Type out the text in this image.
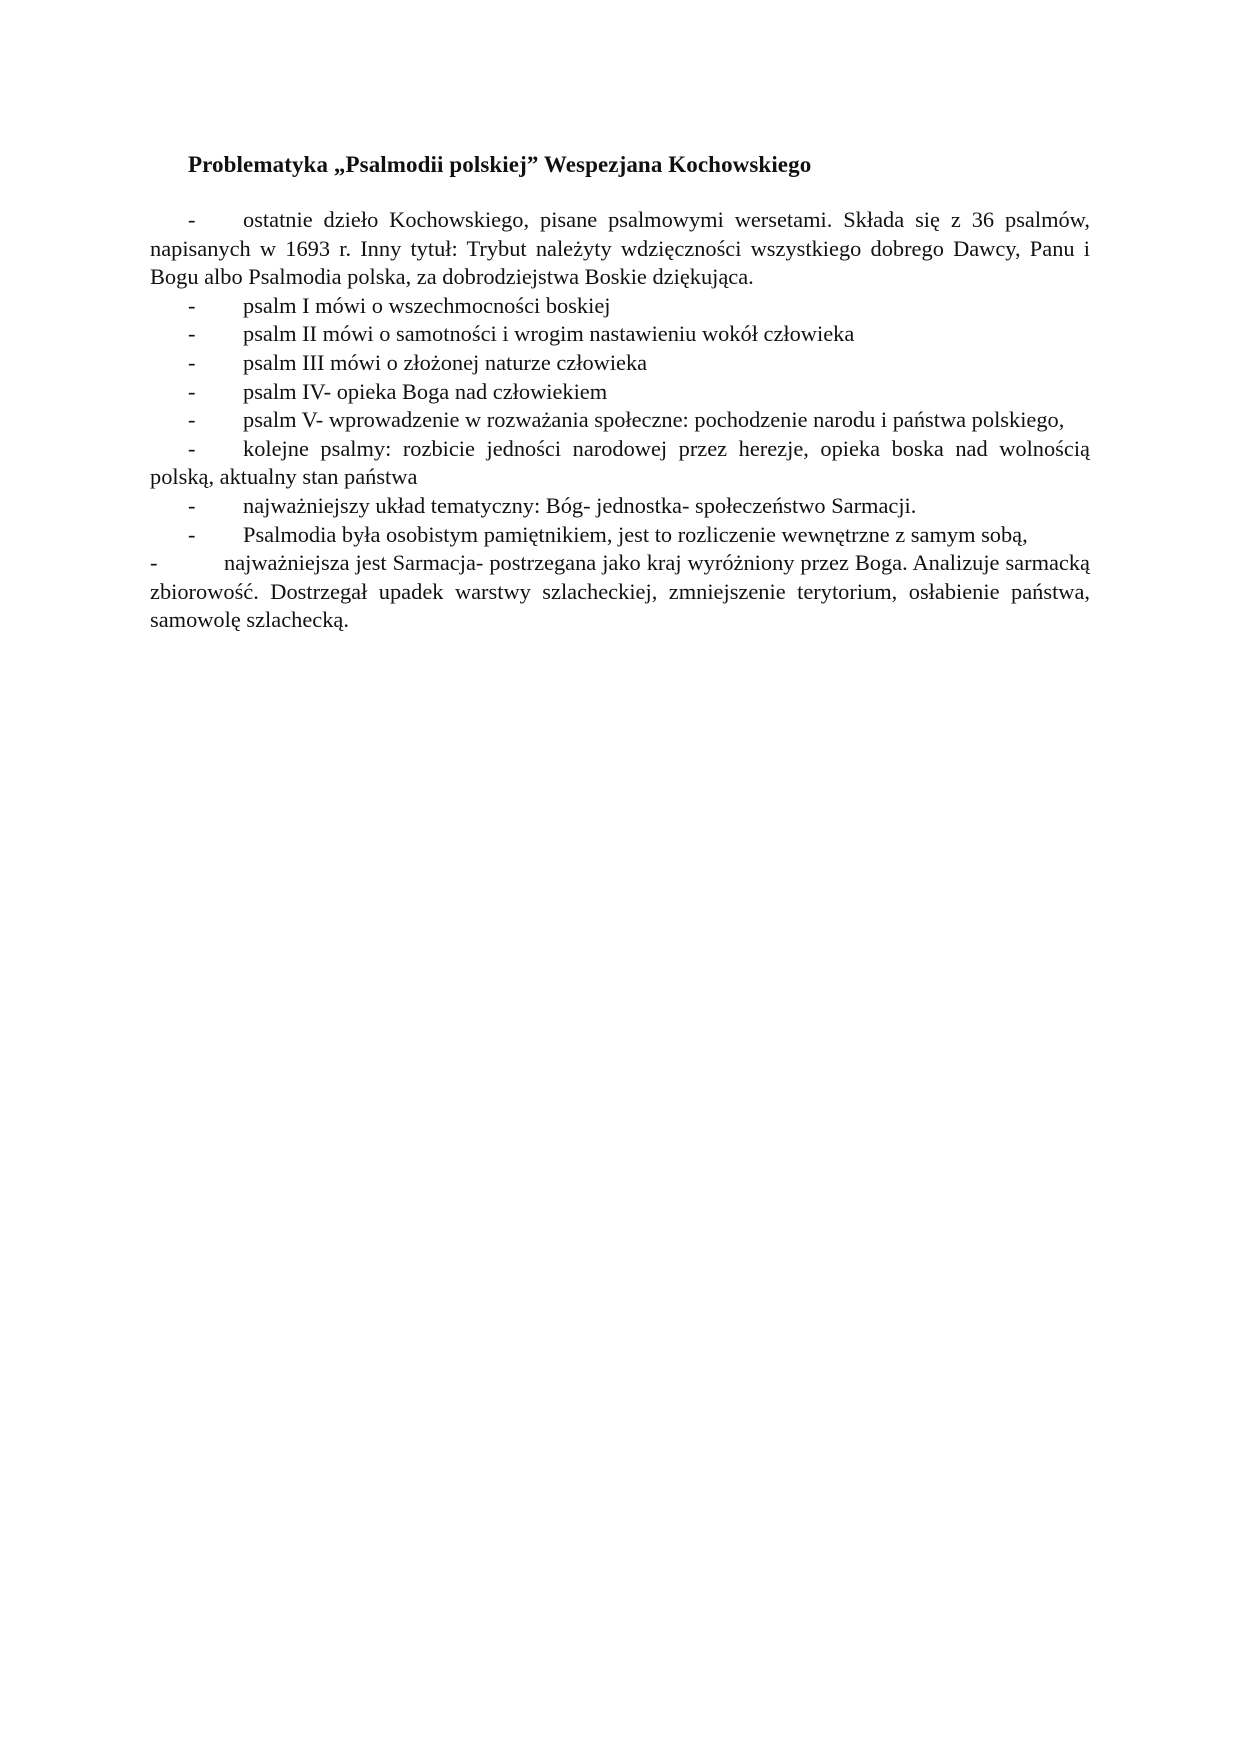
Problematyka „Psalmodii polskiej” Wespezjana Kochowskiego

- ostatnie dzieło Kochowskiego, pisane psalmowymi wersetami. Składa się z 36 psalmów, napisanych w 1693 r. Inny tytuł: Trybut należyty wdzięczności wszystkiego dobrego Dawcy, Panu i Bogu albo Psalmodia polska, za dobrodziejstwa Boskie dziękująca.

- psalm I mówi o wszechmocności boskiej

- psalm II mówi o samotności i wrogim nastawieniu wokół człowieka

- psalm III mówi o złożonej naturze człowieka

- psalm IV- opieka Boga nad człowiekiem

- psalm V- wprowadzenie w rozważania społeczne: pochodzenie narodu i państwa polskiego,

- kolejne psalmy: rozbicie jedności narodowej przez herezje, opieka boska nad wolnością polską, aktualny stan państwa

- najważniejszy układ tematyczny: Bóg- jednostka- społeczeństwo Sarmacji.

- Psalmodia była osobistym pamiętnikiem, jest to rozliczenie wewnętrzne z samym sobą,

-	najważniejsza jest Sarmacja- postrzegana jako kraj wyróżniony przez Boga. Analizuje sarmacką zbiorowość. Dostrzegał upadek warstwy szlacheckiej, zmniejszenie terytorium, osłabienie państwa, samowolę szlachecką.
